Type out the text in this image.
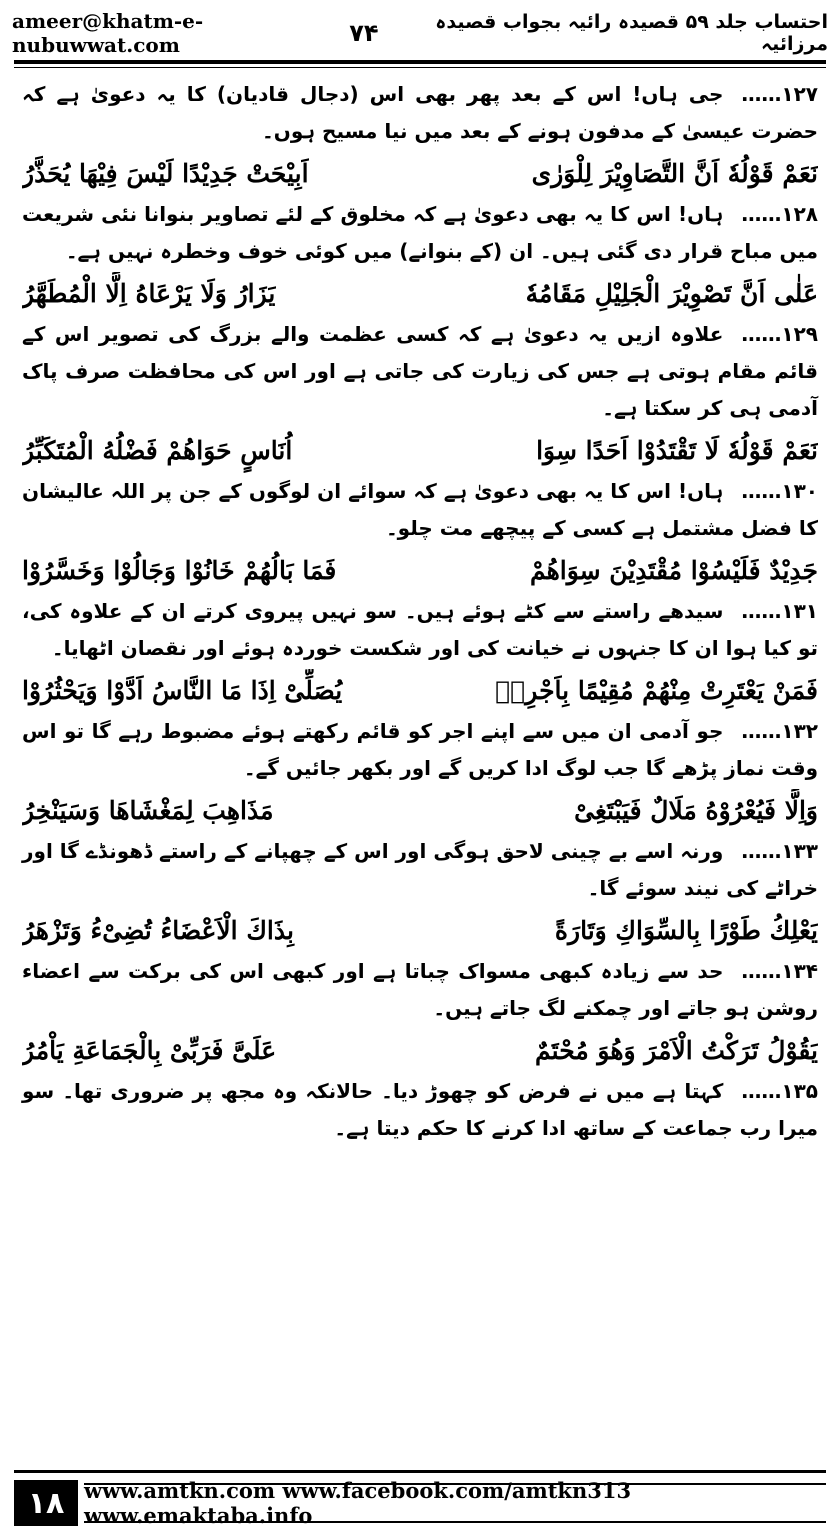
ameer@khatm-e-nubuwwat.com
احتساب جلد ۵۹ قصیدہ رائیہ بجواب قصیدہ مرزائیہ
۷۴

۱۲۷……جی ہاں! اس کے بعد پھر بھی اس (دجال قادیان) کا یہ دعویٰ ہے کہ حضرت عیسیٰ کے مدفون ہونے کے بعد میں نیا مسیح ہوں۔

نَعَمْ قَوْلُهٗ اَنَّ التَّصَاوِيْرَ لِلْوَرٰی
اَبِيْحَتْ جَدِيْدًا لَيْسَ فِيْهَا يُحَذَّرُ

۱۲۸……ہاں! اس کا یہ بھی دعویٰ ہے کہ مخلوق کے لئے تصاویر بنوانا نئی شریعت میں مباح قرار دی گئی ہیں۔ ان (کے بنوانے) میں کوئی خوف وخطرہ نہیں ہے۔

عَلٰی اَنَّ تَصْوِيْرَ الْجَلِيْلِ مَقَامُهٗ
يَزَارُ وَلَا يَرْعَاهُ اِلَّا الْمُطَهَّرُ

۱۲۹……علاوہ ازیں یہ دعویٰ ہے کہ کسی عظمت والے بزرگ کی تصویر اس کے قائم مقام ہوتی ہے جس کی زیارت کی جاتی ہے اور اس کی محافظت صرف پاک آدمی ہی کر سکتا ہے۔

نَعَمْ قَوْلُهٗ لَا تَقْتَدُوْا اَحَدًا سِوَا
اُنَاسٍ حَوَاهُمْ فَضْلُهُ الْمُتَكَبِّرُ

۱۳۰……ہاں! اس کا یہ بھی دعویٰ ہے کہ سوائے ان لوگوں کے جن پر اللہ عالیشان کا فضل مشتمل ہے کسی کے پیچھے مت چلو۔

جَدِيْدٌ فَلَيْسُوْا مُقْتَدِيْنَ سِوَاهُمْ
فَمَا بَالُهُمْ خَانُوْا وَجَالُوْا وَخَسَّرُوْا

۱۳۱……سیدھے راستے سے کٹے ہوئے ہیں۔ سو نہیں پیروی کرتے ان کے علاوہ کی، تو کیا ہوا ان کا جنہوں نے خیانت کی اور شکست خوردہ ہوئے اور نقصان اٹھایا۔

فَمَنْ يَعْتَرِتْ مِنْهُمْ مُقِيْمًا بِاَجْرِهٖ
يُصَلِّیْ اِذَا مَا النَّاسُ اَدَّوْا وَيَحْثُرُوْا

۱۳۲……جو آدمی ان میں سے اپنے اجر کو قائم رکھتے ہوئے مضبوط رہے گا تو اس وقت نماز پڑھے گا جب لوگ ادا کریں گے اور بکھر جائیں گے۔

وَاِلَّا فَيُعْرُوْهُ مَلَالٌ فَيَبْتَغِیْ
مَذَاهِبَ لِمَغْشَاهَا وَسَيَنْخِرُ

۱۳۳……ورنہ اسے بے چینی لاحق ہوگی اور اس کے چھپانے کے راستے ڈھونڈے گا اور خراٹے کی نیند سوئے گا۔

يَعْلِكُ طَوْرًا بِالسِّوَاكِ وَتَارَةً
بِذَاكَ الْاَعْضَاءُ تُضِیْءُ وَتَزْهَرُ

۱۳۴……حد سے زیادہ کبھی مسواک چباتا ہے اور کبھی اس کی برکت سے اعضاء روشن ہو جاتے اور چمکنے لگ جاتے ہیں۔

يَقُوْلُ تَرَكْتُ الْاَمْرَ وَهُوَ مُحْتَمٌ
عَلَیَّ فَرَبِّیْ بِالْجَمَاعَةِ يَاْمُرُ

۱۳۵……کہتا ہے میں نے فرض کو چھوڑ دیا۔ حالانکہ وہ مجھ پر ضروری تھا۔ سو میرا رب جماعت کے ساتھ ادا کرنے کا حکم دیتا ہے۔

۱۸ www.amtkn.com www.facebook.com/amtkn313 www.emaktaba.info
